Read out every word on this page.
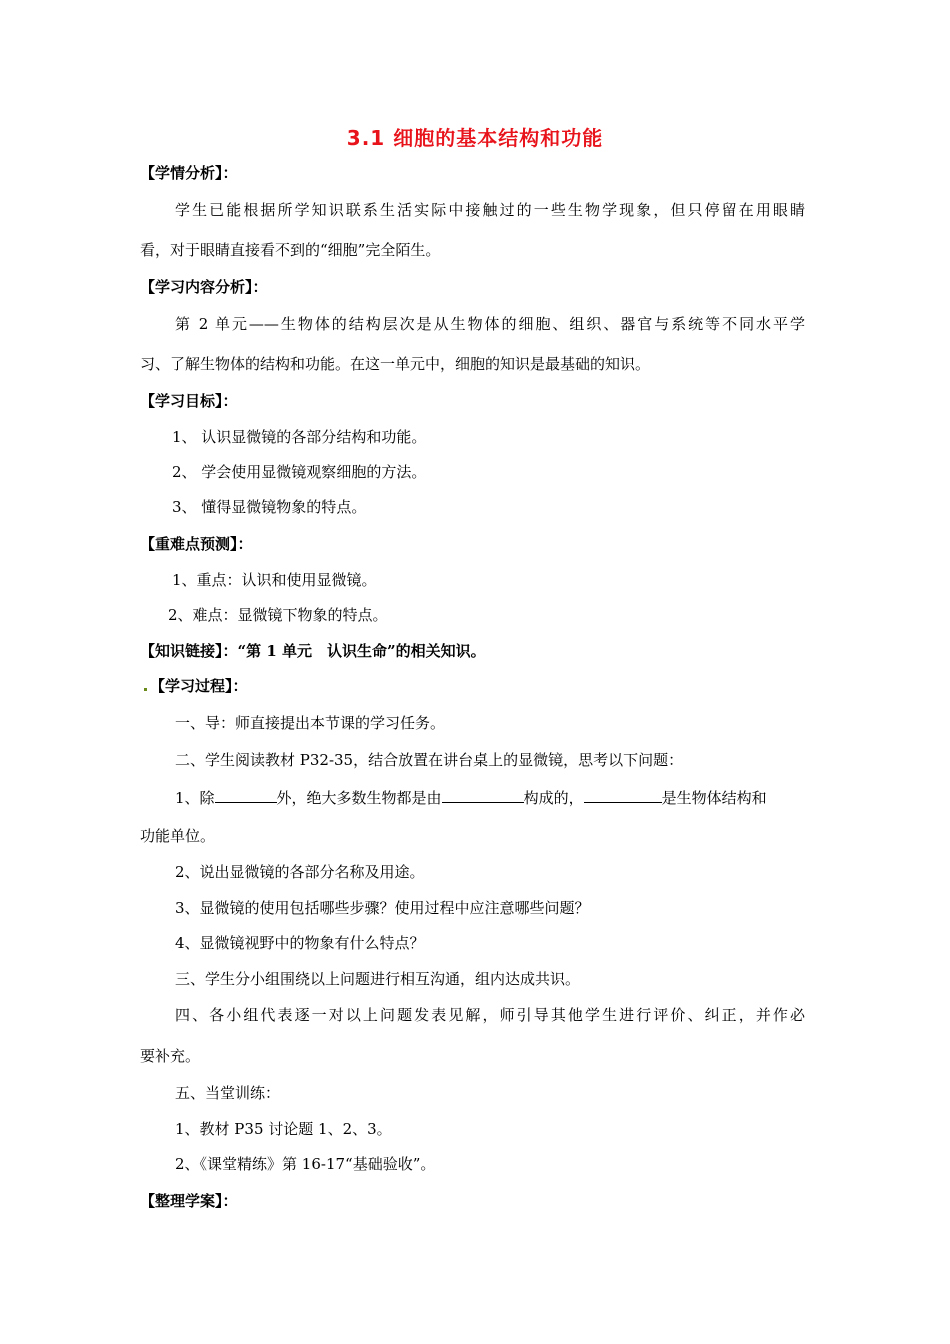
3.1 细胞的基本结构和功能
【学情分析】：
学生已能根据所学知识联系生活实际中接触过的一些生物学现象，但只停留在用眼睛
看，对于眼睛直接看不到的“细胞”完全陌生。
【学习内容分析】：
第 2 单元——生物体的结构层次是从生物体的细胞、组织、器官与系统等不同水平学
习、了解生物体的结构和功能。在这一单元中，细胞的知识是最基础的知识。
【学习目标】：
1、 认识显微镜的各部分结构和功能。
2、 学会使用显微镜观察细胞的方法。
3、 懂得显微镜物象的特点。
【重难点预测】：
1、重点：认识和使用显微镜。
2、难点：显微镜下物象的特点。
【知识链接】：“第 1 单元　认识生命”的相关知识。
【学习过程】：
一、导：师直接提出本节课的学习任务。
二、学生阅读教材 P32-35，结合放置在讲台桌上的显微镜，思考以下问题：
1、除	外，绝大多数生物都是由	构成的，	是生物体结构和
功能单位。
2、说出显微镜的各部分名称及用途。
3、显微镜的使用包括哪些步骤？使用过程中应注意哪些问题？
4、显微镜视野中的物象有什么特点？
三、学生分小组围绕以上问题进行相互沟通，组内达成共识。
四、各小组代表逐一对以上问题发表见解，师引导其他学生进行评价、纠正，并作必
要补充。
五、当堂训练：
1、教材 P35 讨论题 1、2、3。
2、《课堂精练》第 16-17“基础验收”。
【整理学案】：
